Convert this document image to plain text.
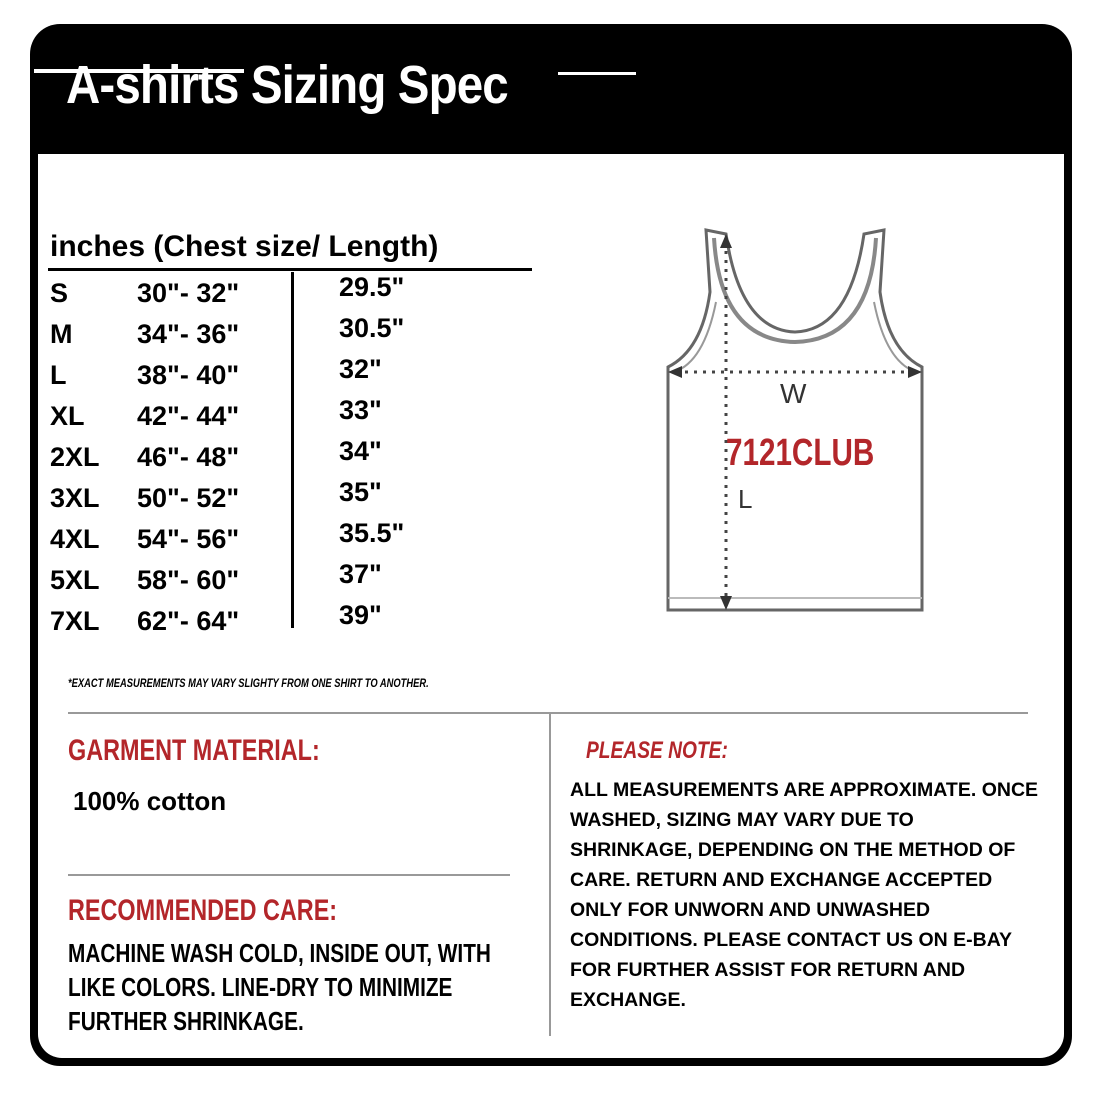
A-shirts Sizing Spec
inches (Chest size/ Length)
S	30"- 32"	29.5"
M 34"- 36"	30.5"
L	38"- 40"	32"
XL 42"- 44"	33"
2XL 46"- 48"	34"
3XL 50"- 52"	35"
4XL 54"- 56"	35.5"
5XL 58"- 60"	37"
7XL 62"- 64"	39"
W
L
7121CLUB
*EXACT MEASUREMENTS MAY VARY SLIGHTY FROM ONE SHIRT TO ANOTHER.
GARMENT MATERIAL:
100% cotton
RECOMMENDED CARE:
MACHINE WASH COLD, INSIDE OUT, WITH LIKE COLORS. LINE-DRY TO MINIMIZE FURTHER SHRINKAGE.
PLEASE NOTE:
ALL MEASUREMENTS ARE APPROXIMATE. ONCE WASHED, SIZING MAY VARY DUE TO SHRINKAGE, DEPENDING ON THE METHOD OF CARE. RETURN AND EXCHANGE ACCEPTED ONLY FOR UNWORN AND UNWASHED CONDITIONS. PLEASE CONTACT US ON E-BAY FOR FURTHER ASSIST FOR RETURN AND EXCHANGE.
